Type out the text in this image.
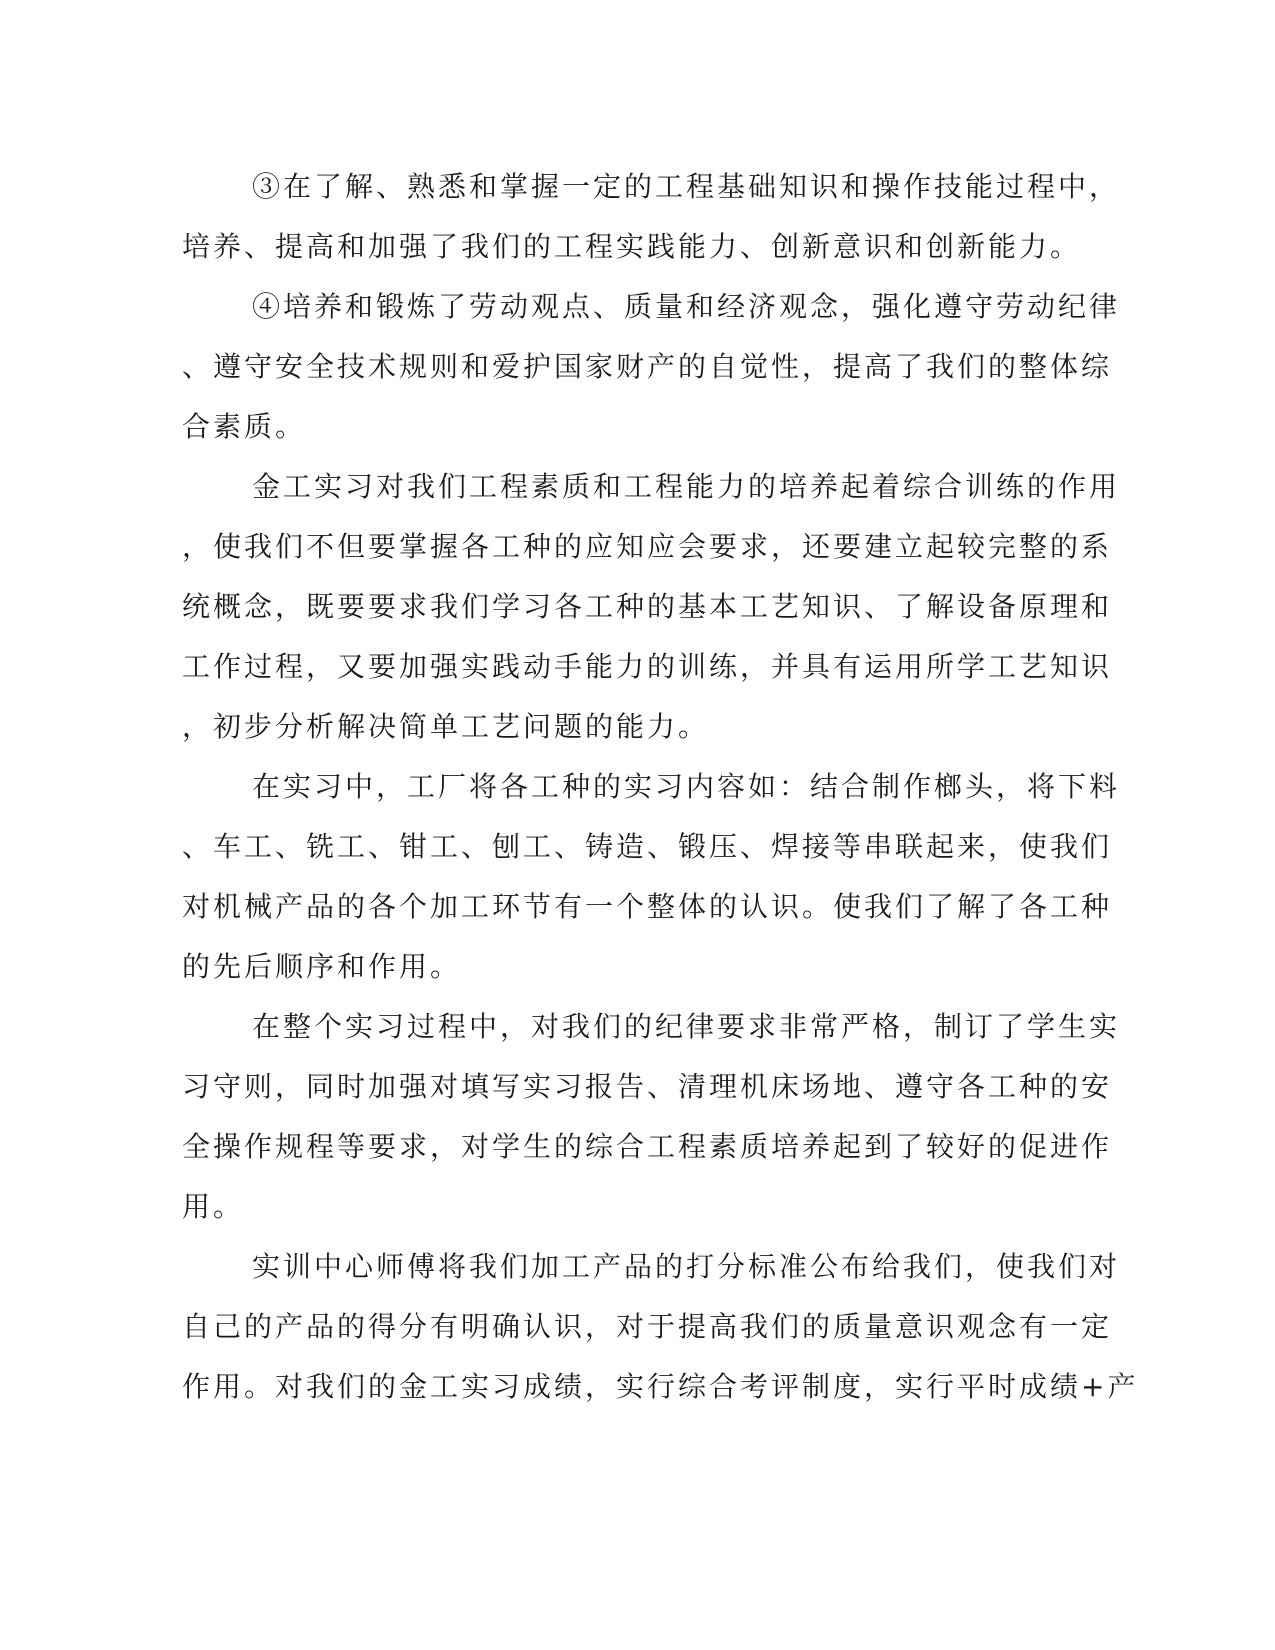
③在了解、熟悉和掌握一定的工程基础知识和操作技能过程中，
培养、提高和加强了我们的工程实践能力、创新意识和创新能力。
④培养和锻炼了劳动观点、质量和经济观念，强化遵守劳动纪律
、遵守安全技术规则和爱护国家财产的自觉性，提高了我们的整体综
合素质。
金工实习对我们工程素质和工程能力的培养起着综合训练的作用
，使我们不但要掌握各工种的应知应会要求，还要建立起较完整的系
统概念，既要要求我们学习各工种的基本工艺知识、了解设备原理和
工作过程，又要加强实践动手能力的训练，并具有运用所学工艺知识
，初步分析解决简单工艺问题的能力。
在实习中，工厂将各工种的实习内容如：结合制作榔头，将下料
、车工、铣工、钳工、刨工、铸造、锻压、焊接等串联起来，使我们
对机械产品的各个加工环节有一个整体的认识。使我们了解了各工种
的先后顺序和作用。
在整个实习过程中，对我们的纪律要求非常严格，制订了学生实
习守则，同时加强对填写实习报告、清理机床场地、遵守各工种的安
全操作规程等要求，对学生的综合工程素质培养起到了较好的促进作
用。
实训中心师傅将我们加工产品的打分标准公布给我们，使我们对
自己的产品的得分有明确认识，对于提高我们的质量意识观念有一定
作用。对我们的金工实习成绩，实行综合考评制度，实行平时成绩+产
